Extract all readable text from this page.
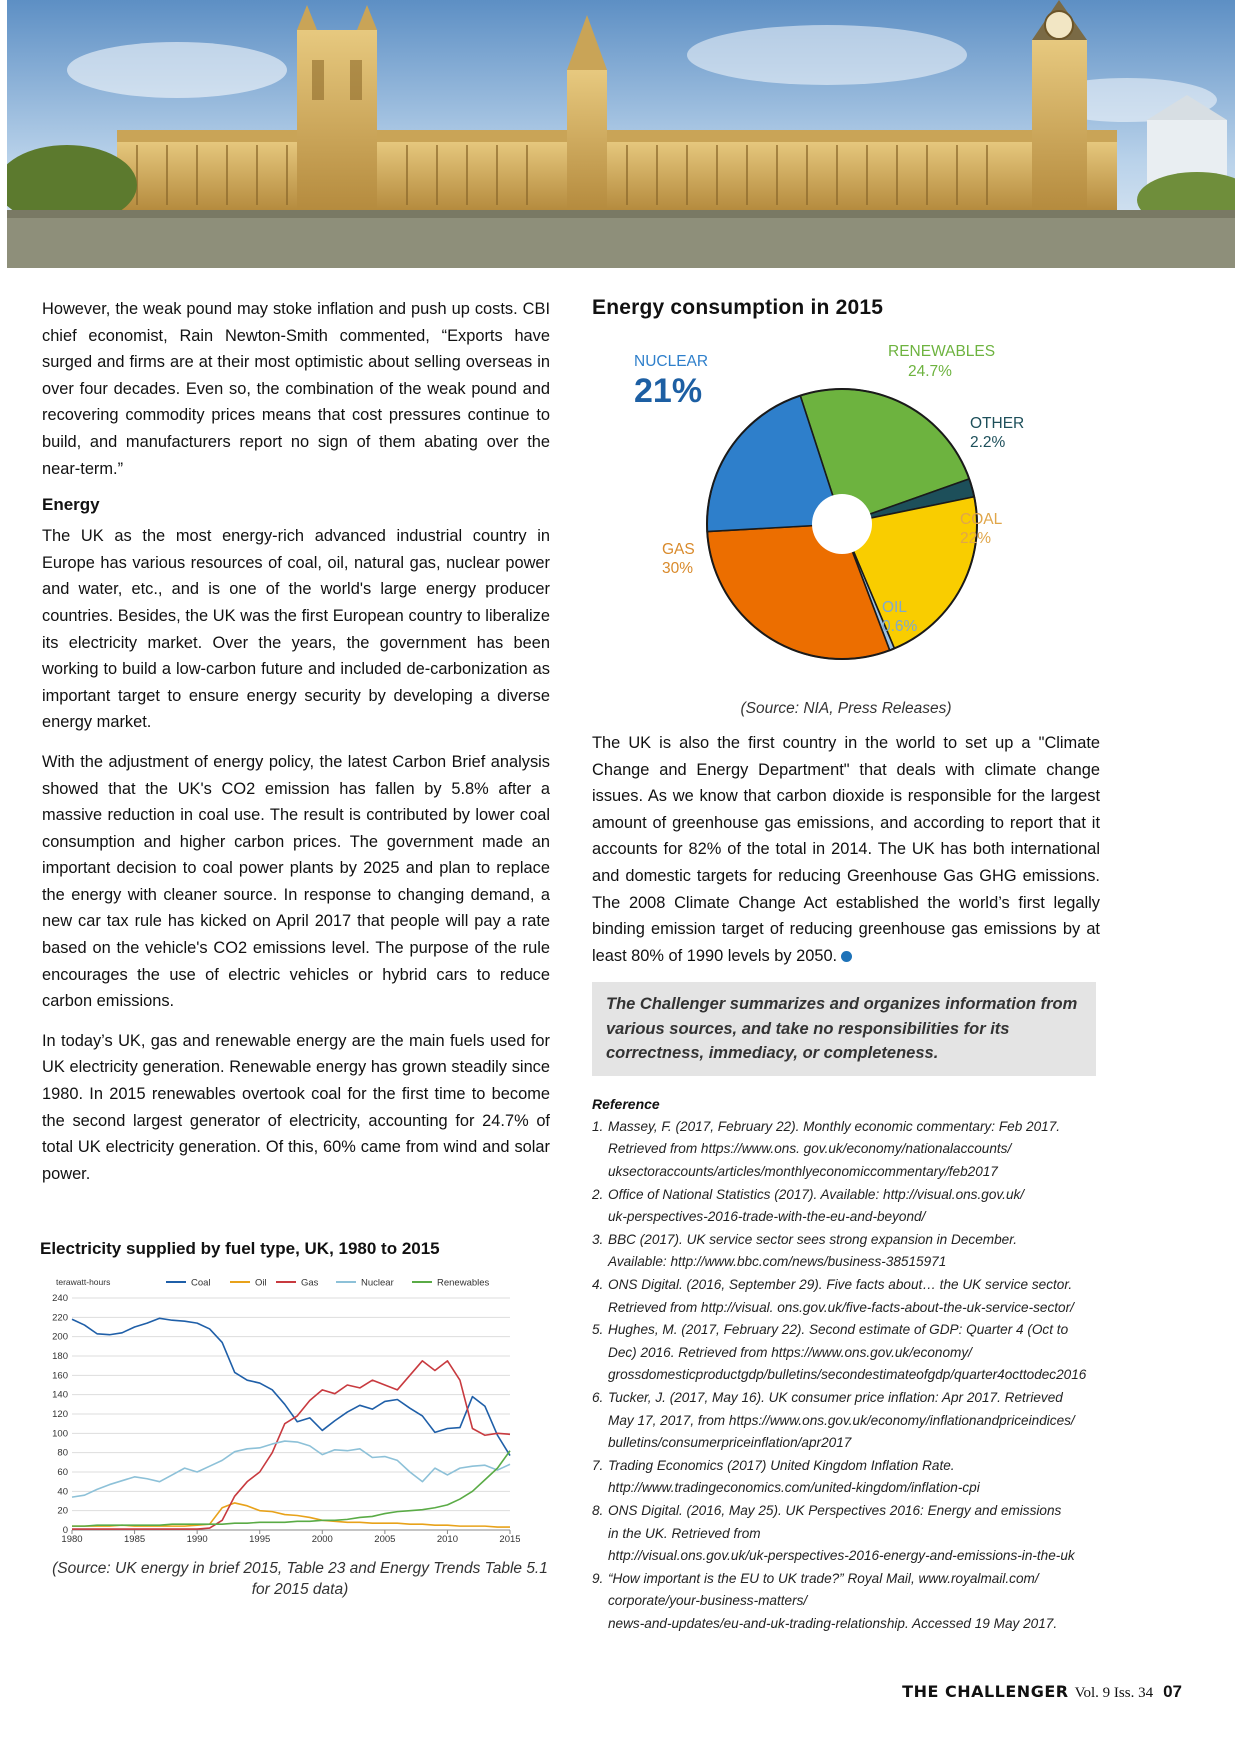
However, the weak pound may stoke inflation and push up costs. CBI chief economist, Rain Newton-Smith commented, “Exports have surged and firms are at their most optimistic about selling overseas in over four decades. Even so, the combination of the weak pound and recovering commodity prices means that cost pressures continue to build, and manufacturers report no sign of them abating over the near-term.”

Energy

The UK as the most energy-rich advanced industrial country in Europe has various resources of coal, oil, natural gas, nuclear power and water, etc., and is one of the world's large energy producer countries. Besides, the UK was the first European country to liberalize its electricity market. Over the years, the government has been working to build a low-carbon future and included de-carbonization as important target to ensure energy security by developing a diverse energy market.

With the adjustment of energy policy, the latest Carbon Brief analysis showed that the UK's CO2 emission has fallen by 5.8% after a massive reduction in coal use. The result is contributed by lower coal consumption and higher carbon prices. The government made an important decision to coal power plants by 2025 and plan to replace the energy with cleaner source. In response to changing demand, a new car tax rule has kicked on April 2017 that people will pay a rate based on the vehicle's CO2 emissions level. The purpose of the rule encourages the use of electric vehicles or hybrid cars to reduce carbon emissions.

In today’s UK, gas and renewable energy are the main fuels used for UK electricity generation. Renewable energy has grown steadily since 1980. In 2015 renewables overtook coal for the first time to become the second largest generator of electricity, accounting for 24.7% of total UK electricity generation. Of this, 60% came from wind and solar power.

Electricity supplied by fuel type, UK, 1980 to 2015
0
20
40
60
80
100
120
140
160
180
200
220
240
1980	1985	1990	1995	2000	2005	2010	2015
terawatt-hours	Coal	Oil	Gas	Nuclear	Renewables
(Source: UK energy in brief 2015, Table 23 and Energy Trends Table 5.1 for 2015 data)
Energy consumption in 2015
RENEWABLES
24.7%
OTHER
2.2%
COAL
22%
OIL
0.6%
GAS
30%
NUCLEAR
21%
(Source: NIA, Press Releases)

The UK is also the first country in the world to set up a "Climate Change and Energy Department" that deals with climate change issues. As we know that carbon dioxide is responsible for the largest amount of greenhouse gas emissions, and according to report that it accounts for 82% of the total in 2014. The UK has both international and domestic targets for reducing Greenhouse Gas GHG emissions. The 2008 Climate Change Act established the world’s first legally binding emission target of reducing greenhouse gas emissions by at least 80% of 1990 levels by 2050.

The Challenger summarizes and organizes information from various sources, and take no responsibilities for its correctness, immediacy, or completeness.
Reference
1. Massey, F. (2017, February 22). Monthly economic commentary: Feb 2017.
Retrieved from https://www.ons. gov.uk/economy/nationalaccounts/
uksectoraccounts/articles/monthlyeconomiccommentary/feb2017
2. Office of National Statistics (2017). Available: http://visual.ons.gov.uk/
uk-perspectives-2016-trade-with-the-eu-and-beyond/
3. BBC (2017). UK service sector sees strong expansion in December.
Available: http://www.bbc.com/news/business-38515971
4. ONS Digital. (2016, September 29). Five facts about… the UK service sector.
Retrieved from http://visual. ons.gov.uk/five-facts-about-the-uk-service-sector/
5. Hughes, M. (2017, February 22). Second estimate of GDP: Quarter 4 (Oct to
Dec) 2016. Retrieved from https://www.ons.gov.uk/economy/
grossdomesticproductgdp/bulletins/secondestimateofgdp/quarter4octtodec2016
6. Tucker, J. (2017, May 16). UK consumer price inflation: Apr 2017. Retrieved
May 17, 2017, from https://www.ons.gov.uk/economy/inflationandpriceindices/
bulletins/consumerpriceinflation/apr2017
7. Trading Economics (2017) United Kingdom Inflation Rate.
http://www.tradingeconomics.com/united-kingdom/inflation-cpi
8. ONS Digital. (2016, May 25). UK Perspectives 2016: Energy and emissions
in the UK. Retrieved from
http://visual.ons.gov.uk/uk-perspectives-2016-energy-and-emissions-in-the-uk
9. “How important is the EU to UK trade?” Royal Mail, www.royalmail.com/
corporate/your-business-matters/
news-and-updates/eu-and-uk-trading-relationship. Accessed 19 May 2017.
THE CHALLENGER Vol. 9 Iss. 34 07
